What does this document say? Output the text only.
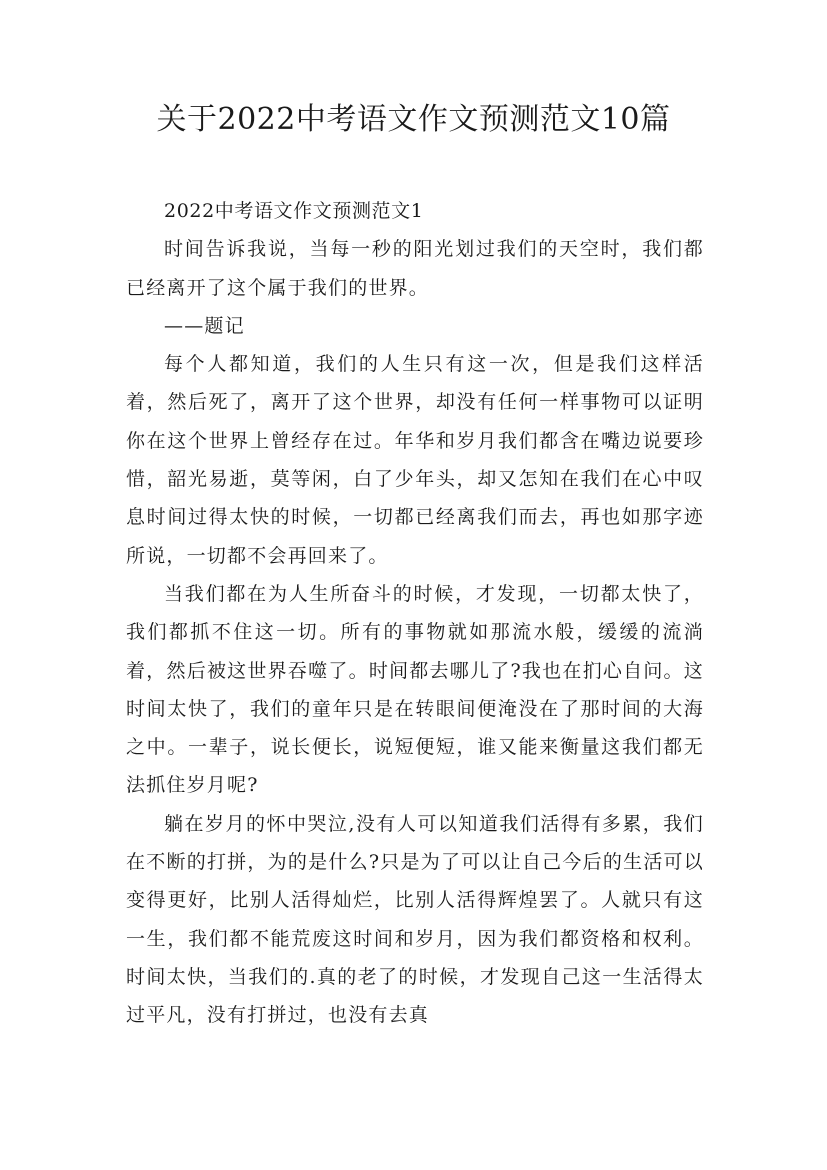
关于2022中考语文作文预测范文10篇

2022中考语文作文预测范文1

时间告诉我说，当每一秒的阳光划过我们的天空时，我们都已经离开了这个属于我们的世界。

——题记

每个人都知道，我们的人生只有这一次，但是我们这样活着，然后死了，离开了这个世界，却没有任何一样事物可以证明你在这个世界上曾经存在过。年华和岁月我们都含在嘴边说要珍惜，韶光易逝，莫等闲，白了少年头，却又怎知在我们在心中叹息时间过得太快的时候，一切都已经离我们而去，再也如那字迹所说，一切都不会再回来了。

当我们都在为人生所奋斗的时候，才发现，一切都太快了，我们都抓不住这一切。所有的事物就如那流水般，缓缓的流淌着，然后被这世界吞噬了。时间都去哪儿了?我也在扪心自问。这时间太快了，我们的童年只是在转眼间便淹没在了那时间的大海之中。一辈子，说长便长，说短便短，谁又能来衡量这我们都无法抓住岁月呢?

躺在岁月的怀中哭泣,没有人可以知道我们活得有多累，我们在不断的打拼，为的是什么?只是为了可以让自己今后的生活可以变得更好，比别人活得灿烂，比别人活得辉煌罢了。人就只有这一生，我们都不能荒废这时间和岁月，因为我们都资格和权利。时间太快，当我们的.真的老了的时候，才发现自己这一生活得太过平凡，没有打拼过，也没有去真
